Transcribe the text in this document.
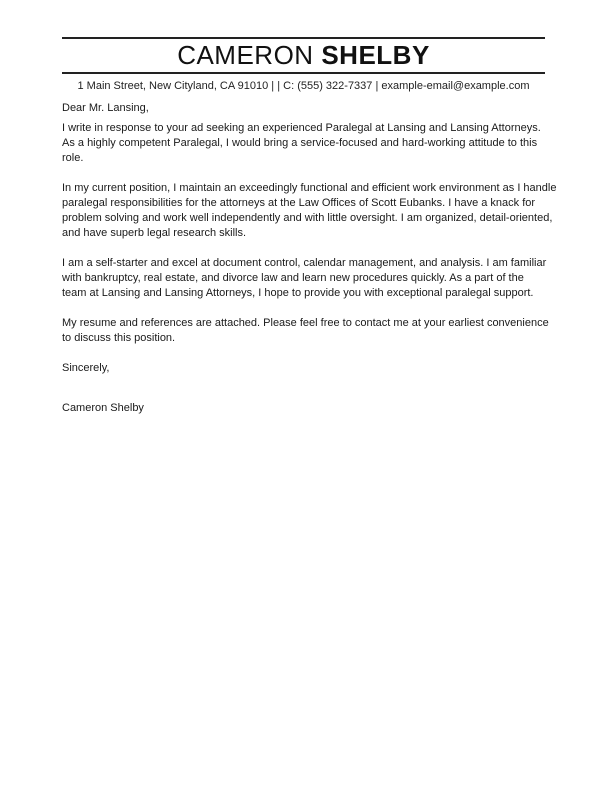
CAMERON SHELBY
1 Main Street, New Cityland, CA 91010 | | C: (555) 322-7337 | example-email@example.com

Dear Mr. Lansing,

I write in response to your ad seeking an experienced Paralegal at Lansing and Lansing Attorneys.
As a highly competent Paralegal, I would bring a service-focused and hard-working attitude to this
role.

In my current position, I maintain an exceedingly functional and efficient work environment as I handle
paralegal responsibilities for the attorneys at the Law Offices of Scott Eubanks. I have a knack for
problem solving and work well independently and with little oversight. I am organized, detail-oriented,
and have superb legal research skills.

I am a self-starter and excel at document control, calendar management, and analysis. I am familiar
with bankruptcy, real estate, and divorce law and learn new procedures quickly. As a part of the
team at Lansing and Lansing Attorneys, I hope to provide you with exceptional paralegal support.

My resume and references are attached. Please feel free to contact me at your earliest convenience
to discuss this position.

Sincerely,

Cameron Shelby
